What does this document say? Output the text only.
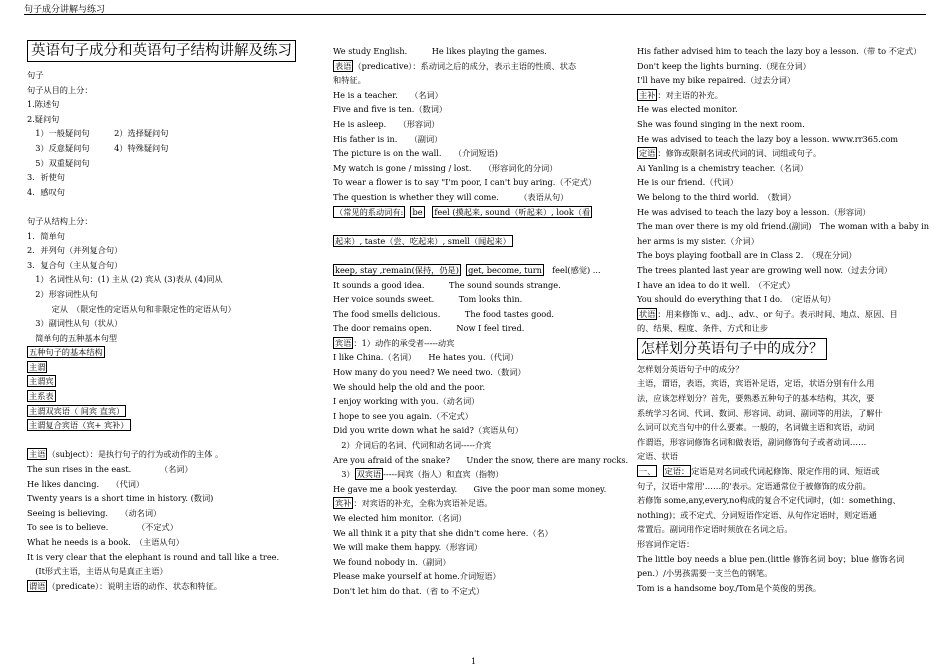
句子成分讲解与练习
英语句子成分和英语句子结构讲解及练习
句子
句子从目的上分：
1.陈述句
2.疑问句
　1）一般疑问句　　　2）选择疑问句
　3）反意疑问句　　　4）特殊疑问句
　5）双重疑问句
3．祈使句
4．感叹句
句子从结构上分：
1．简单句
2．并列句（并列复合句）
3．复合句（主从复合句）
　1）名词性从句：(1) 主从 (2) 宾从 (3)表从 (4)同从
　2）形容词性从句
　　　定从　（限定性的定语从句和非限定性的定语从句）
　3）副词性从句（状从）
　简单句的五种基本句型
五种句子的基本结构
主谓
主谓宾
主系表
主谓双宾语（ 间宾 直宾）
主谓复合宾语（宾+ 宾补）
主语 （subject）：是执行句子的行为或动作的主体 。
The sun rises in the east.　　　　（名词）
He likes dancing.　　（代词）
Twenty years is a short time in history. (数词)
Seeing is believing.　　（动名词）
To see is to believe.　　　　（不定式）
What he needs is a book.　（主语从句）
It is very clear that the elephant is round and tall like a tree.
　(It形式主语，主语从句是真正主语）
谓语 （predicate）：说明主语的动作、状态和特征。
We study English.　　　He likes playing the games.
表语 （predicative）：系动词之后的成分，表示主语的性质、状态
和特征。
He is a teacher.　　（名词）
Five and five is ten.（数词）
He is asleep.　　（形容词）
His father is in.　　（副词）
The picture is on the wall.　　（介词短语)
My watch is gone / missing / lost.　　（形容词化的分词）
To wear a flower is to say "I'm poor, I can't buy aring.（不定式）
The question is whether they will come.　　　（表语从句）
（常见的系动词有: be feel (摸起来, sound（听起来）, look（看
起来）, taste（尝、吃起来）, smell（闻起来）
keep, stay ,remain(保持，仍是) get, become, turn　feel(感觉) ...
It sounds a good idea.　　　The sound sounds strange.
Her voice sounds sweet.　　　Tom looks thin.
The food smells delicious.　　　The food tastes good.
The door remains open.　　　Now I feel tired.
宾语 ：1）动作的承受者-----动宾
I like China.（名词）　　He hates you.（代词）
How many do you need? We need two.（数词）
We should help the old and the poor.
I enjoy working with you.（动名词）
I hope to see you again.（不定式）
Did you write down what he said?（宾语从句）
　2）介词后的名词、代词和动名词-----介宾
Are you afraid of the snake?　　Under the snow, there are many rocks.
　3） 双宾语 -----间宾（指人）和直宾（指物）
He gave me a book yesterday.　　Give the poor man some money.
宾补 ：对宾语的补充，全称为宾语补足语。
We elected him monitor.（名词）
We all think it a pity that she didn't come here.（名）
We will make them happy.（形容词）
We found nobody in.（副词）
Please make yourself at home.介词短语）
Don't let him do that.（省 to 不定式）
His father advised him to teach the lazy boy a lesson.（带 to 不定式）
Don't keep the lights burning.（现在分词）
I'll have my bike repaired.（过去分词）
主补 ：对主语的补充。
He was elected monitor.
She was found singing in the next room.
He was advised to teach the lazy boy a lesson. www.rr365.com
定语 ：修饰或限制名词或代词的词、词组或句子。
Ai Yanling is a chemistry teacher.（名词）
He is our friend.（代词）
We belong to the third world.　（数词）
He was advised to teach the lazy boy a lesson.（形容词）
The man over there is my old friend.(副词)　The woman with a baby in
her arms is my sister.（介词）
The boys playing football are in Class 2.　（现在分词）
The trees planted last year are growing well now.（过去分词）
I have an idea to do it well.　（不定式）
You should do everything that I do.　（定语从句）
状语 ：用来修饰 v.、adj.、adv.、or 句子。表示时间、地点、原因、目
的、结果、程度、条件、方式和让步
怎样划分英语句子中的成分？
怎样划分英语句子中的成分？
主语，谓语，表语，宾语，宾语补足语，定语，状语分别有什么用
法，应该怎样划分？首先，要熟悉五种句子的基本结构，其次，要
系统学习名词、代词、数词、形容词、动词、副词等的用法，了解什
么词可以充当句中的什么要素。一般的，名词做主语和宾语，动词
作谓语，形容词修饰名词和做表语，副词修饰句子或者动词……
定语、状语
一、 定语： 定语是对名词或代词起修饰、限定作用的词、短语或
句子，汉语中常用'……的'表示。定语通常位于被修饰的成分前。
若修饰 some,any,every,no构成的复合不定代词时，(如：something、
nothing)；或不定式、分词短语作定语、从句作定语时，则定语通
常置后。副词用作定语时须放在名词之后。
形容词作定语：
The little boy needs a blue pen.(little 修饰名词 boy；blue 修饰名词
pen.）/小男孩需要一支兰色的钢笔。
Tom is a handsome boy./Tom是个英俊的男孩。
1
